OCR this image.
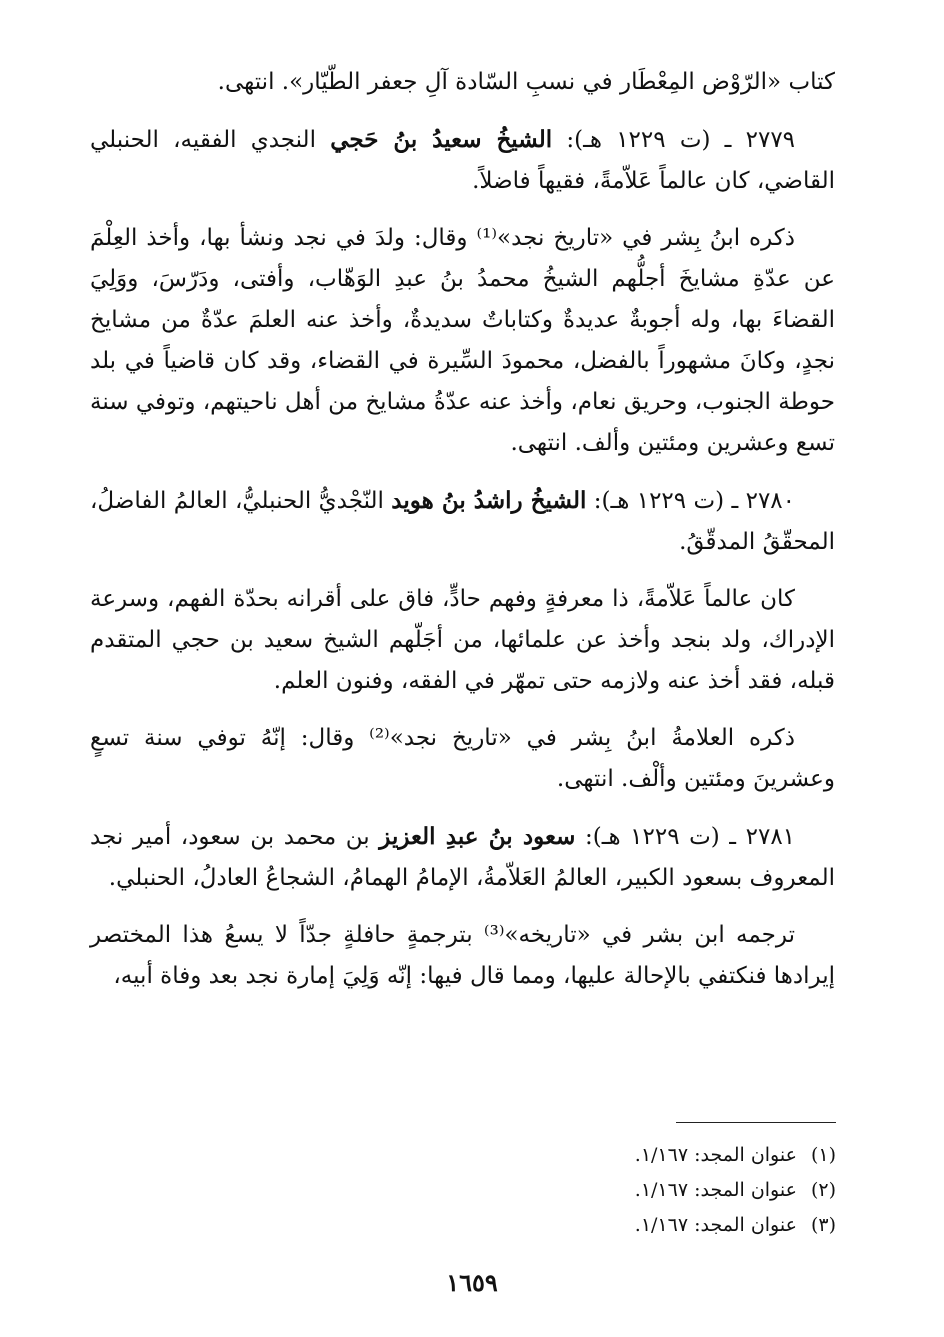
كتاب «الرّوْض المِعْطَار في نسبِ السّادة آلِ جعفر الطّيّار». انتهى.

٢٧٧٩ ـ (ت ١٢٢٩ هـ): الشيخُ سعيدُ بنُ حَجي النجدي الفقيه، الحنبلي القاضي، كان عالماً عَلاّمةً، فقيهاً فاضلاً.

ذكره ابنُ بِشر في «تاريخ نجد»⁽¹⁾ وقال: ولدَ في نجد ونشأ بها، وأخذ العِلْمَ عن عدّةِ مشايخَ أجلُّهم الشيخُ محمدُ بنُ عبدِ الوَهّاب، وأفتى، ودَرّسَ، ووَلِيَ القضاءَ بها، وله أجوبةٌ عديدةٌ وكتاباتٌ سديدةٌ، وأخذ عنه العلمَ عدّةٌ من مشايخ نجدٍ، وكانَ مشهوراً بالفضل، محمودَ السِّيرة في القضاء، وقد كان قاضياً في بلد حوطة الجنوب، وحريق نعام، وأخذ عنه عدّةُ مشايخ من أهل ناحيتهم، وتوفي سنة تسع وعشرين ومئتين وألف. انتهى.

٢٧٨٠ ـ (ت ١٢٢٩ هـ): الشيخُ راشدُ بنُ هويد النّجْديُّ الحنبليُّ، العالمُ الفاضلُ، المحقّقُ المدقّقُ.

كان عالماً عَلاّمةً، ذا معرفةٍ وفهم حادٍّ، فاق على أقرانه بحدّة الفهم، وسرعة الإدراك، ولد بنجد وأخذ عن علمائها، من أجَلّهم الشيخ سعيد بن حجي المتقدم قبله، فقد أخذ عنه ولازمه حتى تمهّر في الفقه، وفنون العلم.

ذكره العلامةُ ابنُ بِشر في «تاريخ نجد»⁽²⁾ وقال: إنّهُ توفي سنة تسعٍ وعشرينَ ومئتين وألْف. انتهى.

٢٧٨١ ـ (ت ١٢٢٩ هـ): سعود بنُ عبدِ العزيز بن محمد بن سعود، أمير نجد المعروف بسعود الكبير، العالمُ العَلاّمةُ، الإمامُ الهمامُ، الشجاعُ العادلُ، الحنبلي.

ترجمه ابن بشر في «تاريخه»⁽³⁾ بترجمةٍ حافلةٍ جدّاً لا يسعُ هذا المختصر إيرادها فنكتفي بالإحالة عليها، ومما قال فيها: إنّه وَلِيَ إمارة نجد بعد وفاة أبيه،

(١)عنوان المجد: ١/١٦٧.
(٢)عنوان المجد: ١/١٦٧.
(٣)عنوان المجد: ١/١٦٧.
١٦٥٩
